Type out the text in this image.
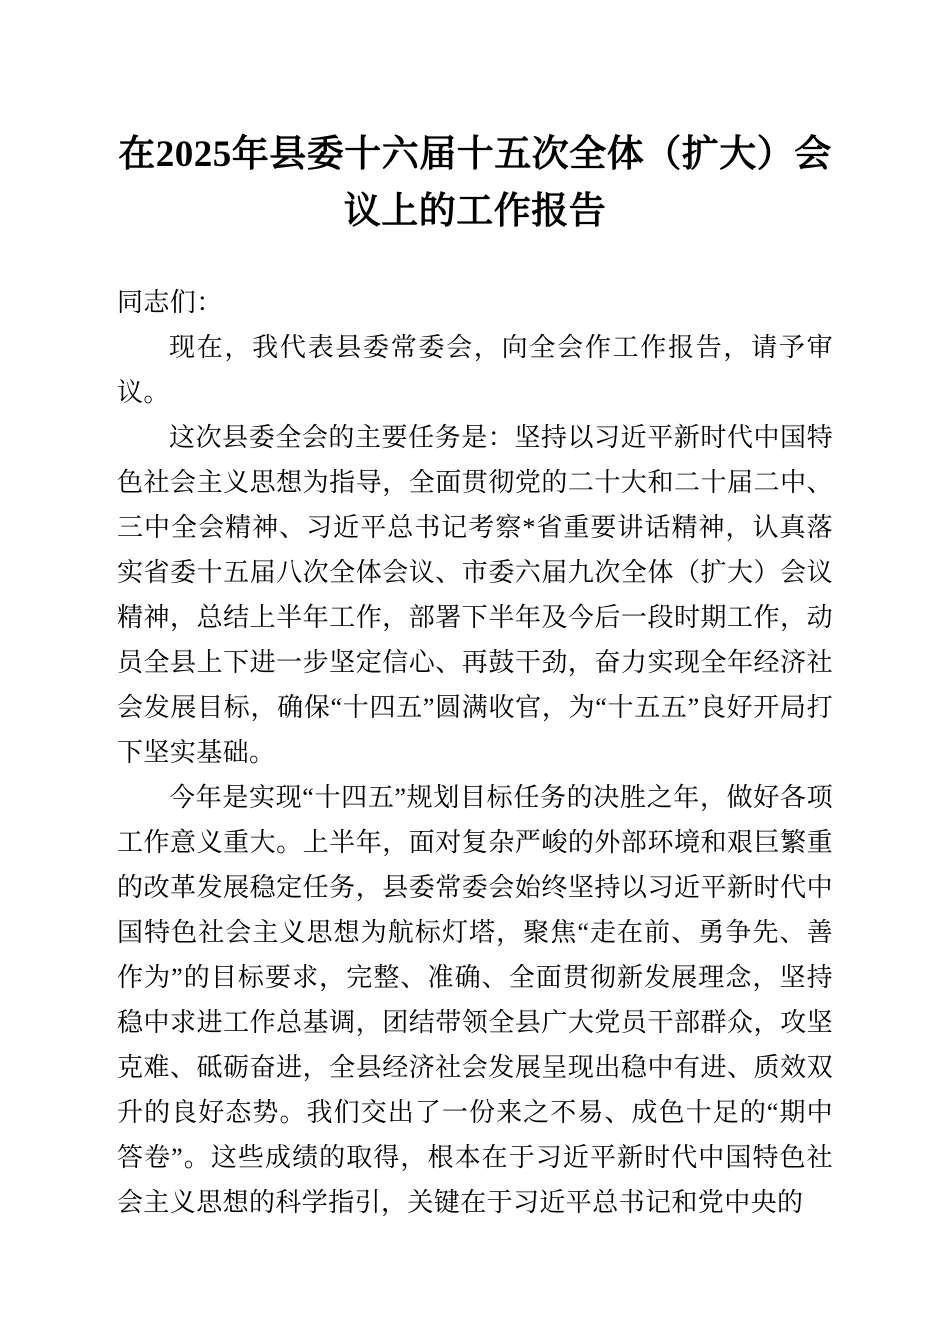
在2025年县委十六届十五次全体（扩大）会议上的工作报告

同志们：

现在，我代表县委常委会，向全会作工作报告，请予审议。

这次县委全会的主要任务是：坚持以习近平新时代中国特色社会主义思想为指导，全面贯彻党的二十大和二十届二中、三中全会精神、习近平总书记考察*省重要讲话精神，认真落实省委十五届八次全体会议、市委六届九次全体（扩大）会议精神，总结上半年工作，部署下半年及今后一段时期工作，动员全县上下进一步坚定信心、再鼓干劲，奋力实现全年经济社会发展目标，确保“十四五”圆满收官，为“十五五”良好开局打下坚实基础。

今年是实现“十四五”规划目标任务的决胜之年，做好各项工作意义重大。上半年，面对复杂严峻的外部环境和艰巨繁重的改革发展稳定任务，县委常委会始终坚持以习近平新时代中国特色社会主义思想为航标灯塔，聚焦“走在前、勇争先、善作为”的目标要求，完整、准确、全面贯彻新发展理念，坚持稳中求进工作总基调，团结带领全县广大党员干部群众，攻坚克难、砥砺奋进，全县经济社会发展呈现出稳中有进、质效双升的良好态势。我们交出了一份来之不易、成色十足的“期中答卷”。这些成绩的取得，根本在于习近平新时代中国特色社会主义思想的科学指引，关键在于习近平总书记和党中央的
